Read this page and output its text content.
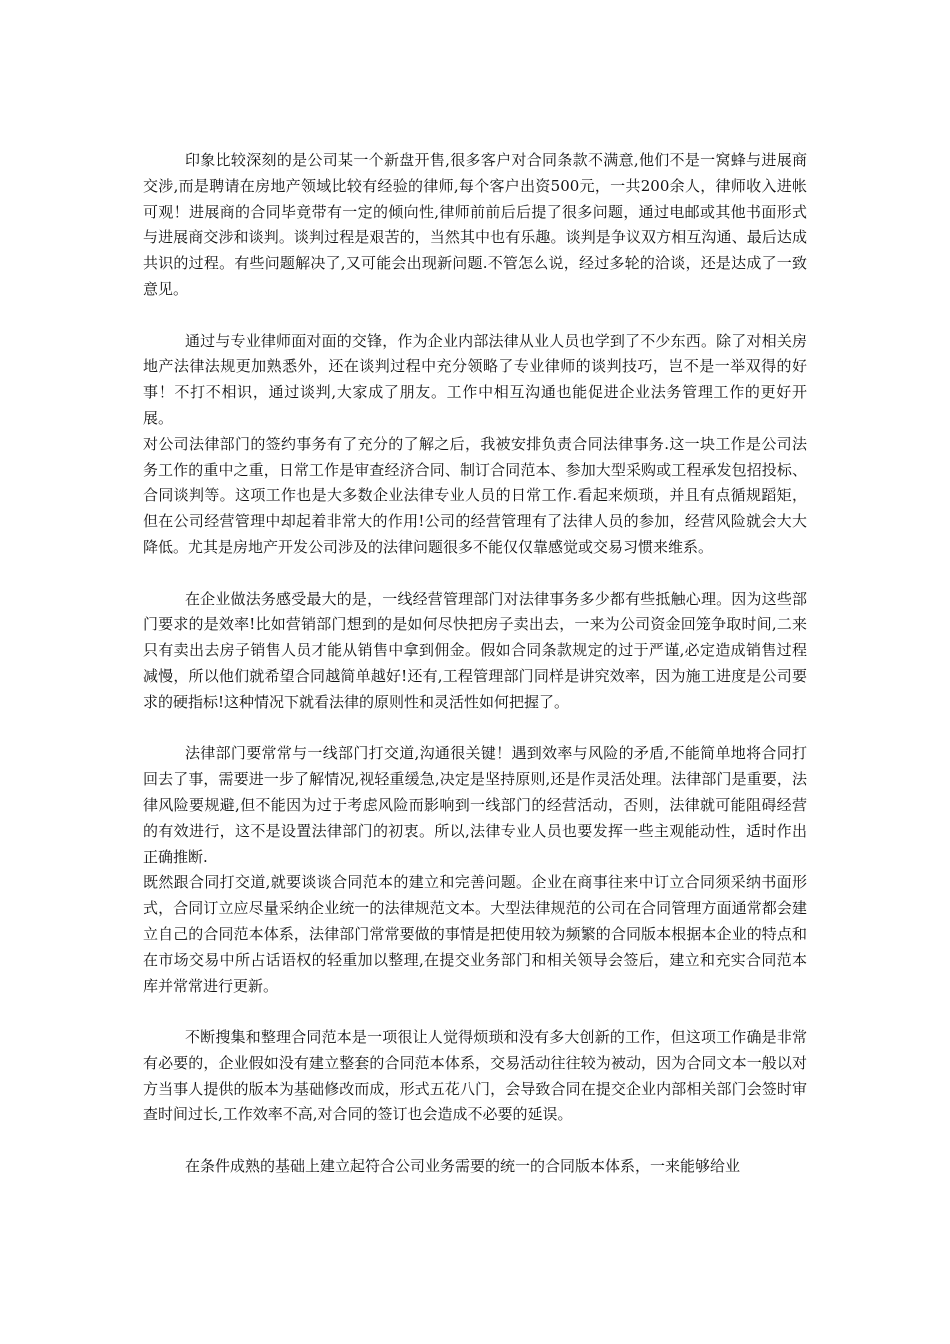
印象比较深刻的是公司某一个新盘开售,很多客户对合同条款不满意,他们不是一窝蜂与进展商交涉,而是聘请在房地产领域比较有经验的律师,每个客户出资500元，一共200余人，律师收入进帐可观！进展商的合同毕竟带有一定的倾向性,律师前前后后提了很多问题，通过电邮或其他书面形式与进展商交涉和谈判。谈判过程是艰苦的，当然其中也有乐趣。谈判是争议双方相互沟通、最后达成共识的过程。有些问题解决了,又可能会出现新问题.不管怎么说，经过多轮的洽谈，还是达成了一致意见。

通过与专业律师面对面的交锋，作为企业内部法律从业人员也学到了不少东西。除了对相关房地产法律法规更加熟悉外，还在谈判过程中充分领略了专业律师的谈判技巧，岂不是一举双得的好事！不打不相识，通过谈判,大家成了朋友。工作中相互沟通也能促进企业法务管理工作的更好开展。

对公司法律部门的签约事务有了充分的了解之后，我被安排负责合同法律事务.这一块工作是公司法务工作的重中之重，日常工作是审查经济合同、制订合同范本、参加大型采购或工程承发包招投标、合同谈判等。这项工作也是大多数企业法律专业人员的日常工作.看起来烦琐，并且有点循规蹈矩，但在公司经营管理中却起着非常大的作用!公司的经营管理有了法律人员的参加，经营风险就会大大降低。尤其是房地产开发公司涉及的法律问题很多不能仅仅靠感觉或交易习惯来维系。

在企业做法务感受最大的是，一线经营管理部门对法律事务多少都有些抵触心理。因为这些部门要求的是效率!比如营销部门想到的是如何尽快把房子卖出去，一来为公司资金回笼争取时间,二来只有卖出去房子销售人员才能从销售中拿到佣金。假如合同条款规定的过于严谨,必定造成销售过程减慢，所以他们就希望合同越简单越好!还有,工程管理部门同样是讲究效率，因为施工进度是公司要求的硬指标!这种情况下就看法律的原则性和灵活性如何把握了。

法律部门要常常与一线部门打交道,沟通很关键！遇到效率与风险的矛盾,不能简单地将合同打回去了事，需要进一步了解情况,视轻重缓急,决定是坚持原则,还是作灵活处理。法律部门是重要，法律风险要规避,但不能因为过于考虑风险而影响到一线部门的经营活动，否则，法律就可能阻碍经营的有效进行，这不是设置法律部门的初衷。所以,法律专业人员也要发挥一些主观能动性，适时作出正确推断.

既然跟合同打交道,就要谈谈合同范本的建立和完善问题。企业在商事往来中订立合同须采纳书面形式，合同订立应尽量采纳企业统一的法律规范文本。大型法律规范的公司在合同管理方面通常都会建立自己的合同范本体系，法律部门常常要做的事情是把使用较为频繁的合同版本根据本企业的特点和在市场交易中所占话语权的轻重加以整理,在提交业务部门和相关领导会签后，建立和充实合同范本库并常常进行更新。

不断搜集和整理合同范本是一项很让人觉得烦琐和没有多大创新的工作，但这项工作确是非常有必要的，企业假如没有建立整套的合同范本体系，交易活动往往较为被动，因为合同文本一般以对方当事人提供的版本为基础修改而成，形式五花八门，会导致合同在提交企业内部相关部门会签时审查时间过长,工作效率不高,对合同的签订也会造成不必要的延误。

在条件成熟的基础上建立起符合公司业务需要的统一的合同版本体系，一来能够给业
